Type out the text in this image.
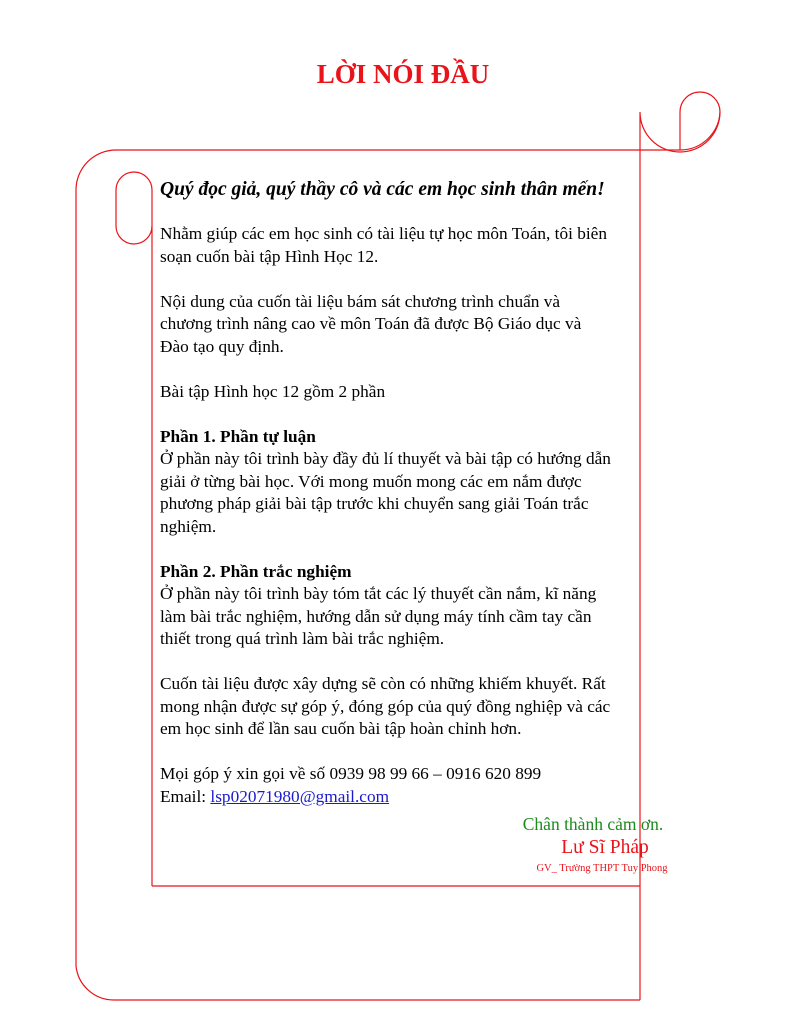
LỜI NÓI ĐẦU

Quý đọc giả, quý thầy cô và các em học sinh thân mến!

Nhằm giúp các em học sinh có tài liệu tự học môn Toán, tôi biên
soạn cuốn bài tập Hình Học 12.

Nội dung của cuốn tài liệu bám sát chương trình chuẩn và
chương trình nâng cao về môn Toán đã được Bộ Giáo dục và
Đào tạo quy định.

Bài tập Hình học 12 gồm 2 phần

Phần 1. Phần tự luận
Ở phần này tôi trình bày đầy đủ lí thuyết và bài tập có hướng dẫn
giải ở từng bài học. Với mong muốn mong các em nắm được
phương pháp giải bài tập trước khi chuyển sang giải Toán trắc
nghiệm.

Phần 2. Phần trắc nghiệm
Ở phần này tôi trình bày tóm tắt các lý thuyết cần nắm, kĩ năng
làm bài trắc nghiệm, hướng dẫn sử dụng máy tính cầm tay cần
thiết trong quá trình làm bài trắc nghiệm.

Cuốn tài liệu được xây dựng sẽ còn có những khiếm khuyết. Rất
mong nhận được sự góp ý, đóng góp của quý đồng nghiệp và các
em học sinh để lần sau cuốn bài tập hoàn chỉnh hơn.

Mọi góp ý xin gọi về số 0939 98 99 66 – 0916 620 899
Email: lsp02071980@gmail.com

Chân thành cảm ơn.
Lư Sĩ Pháp
GV_ Trường THPT Tuy Phong
